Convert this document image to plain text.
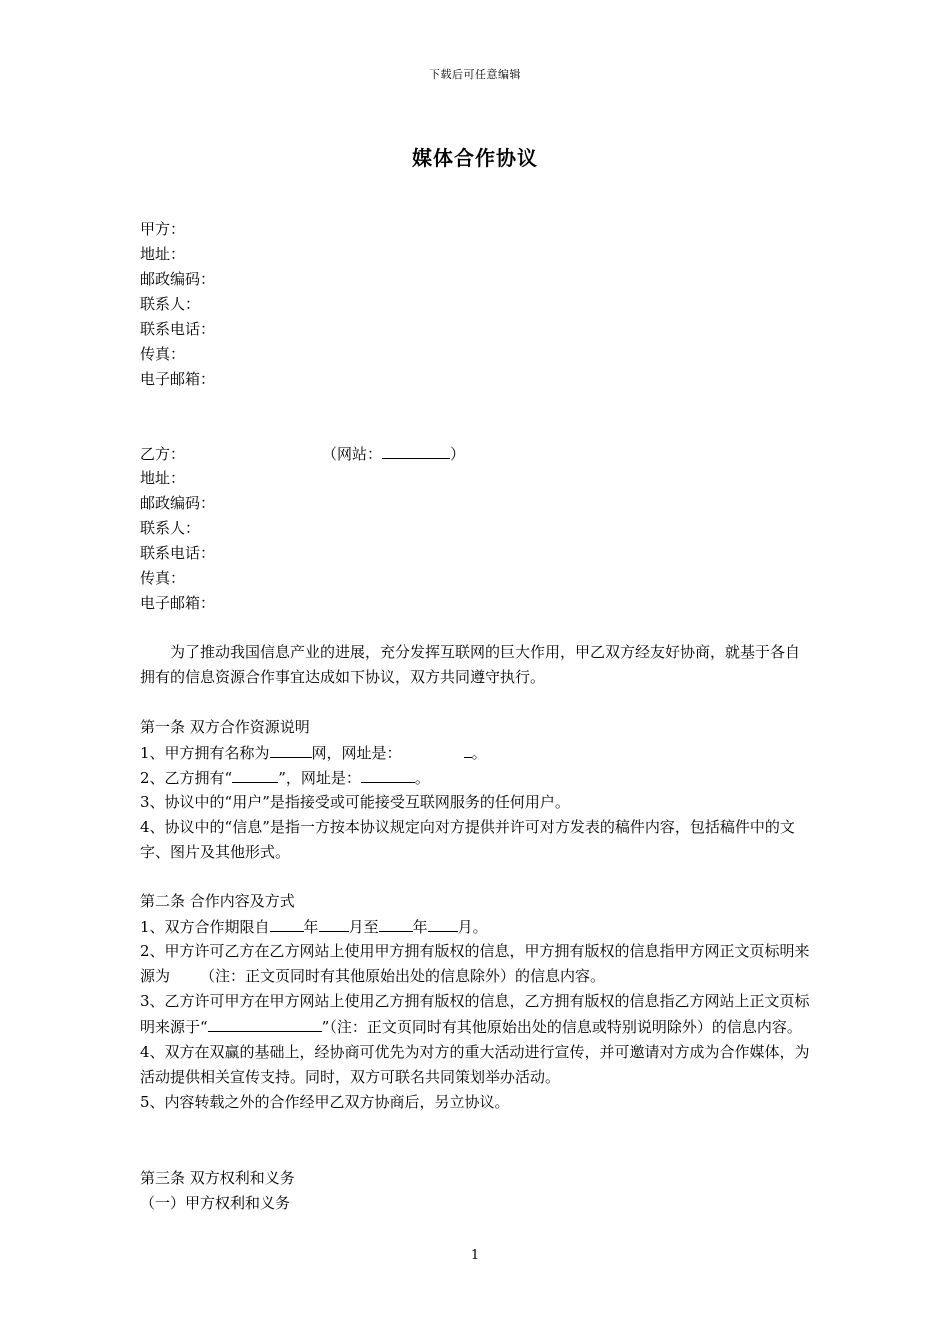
下载后可任意编辑
媒体合作协议
甲方：
地址：
邮政编码：
联系人：
联系电话：
传真：
电子邮箱：
乙方：	（网站：	）
地址：
邮政编码：
联系人：
联系电话：
传真：
电子邮箱：
为了推动我国信息产业的进展，充分发挥互联网的巨大作用，甲乙双方经友好协商，就基于各自拥有的信息资源合作事宜达成如下协议，双方共同遵守执行。
第一条 双方合作资源说明
1、甲方拥有名称为	网，网址是：	。
2、乙方拥有“	”，网址是：	。
3、协议中的“用户”是指接受或可能接受互联网服务的任何用户。
4、协议中的“信息”是指一方按本协议规定向对方提供并许可对方发表的稿件内容，包括稿件中的文字、图片及其他形式。
第二条 合作内容及方式
1、双方合作期限自 年 月至 年 月。
2、甲方许可乙方在乙方网站上使用甲方拥有版权的信息，甲方拥有版权的信息指甲方网正文页标明来源为 （注：正文页同时有其他原始出处的信息除外）的信息内容。
3、乙方许可甲方在甲方网站上使用乙方拥有版权的信息，乙方拥有版权的信息指乙方网站上正文页标明来源于“	”（注：正文页同时有其他原始出处的信息或特别说明除外）的信息内容。
4、双方在双赢的基础上，经协商可优先为对方的重大活动进行宣传，并可邀请对方成为合作媒体，为活动提供相关宣传支持。同时，双方可联名共同策划举办活动。
5、内容转载之外的合作经甲乙双方协商后，另立协议。
第三条 双方权利和义务
（一）甲方权利和义务
1
